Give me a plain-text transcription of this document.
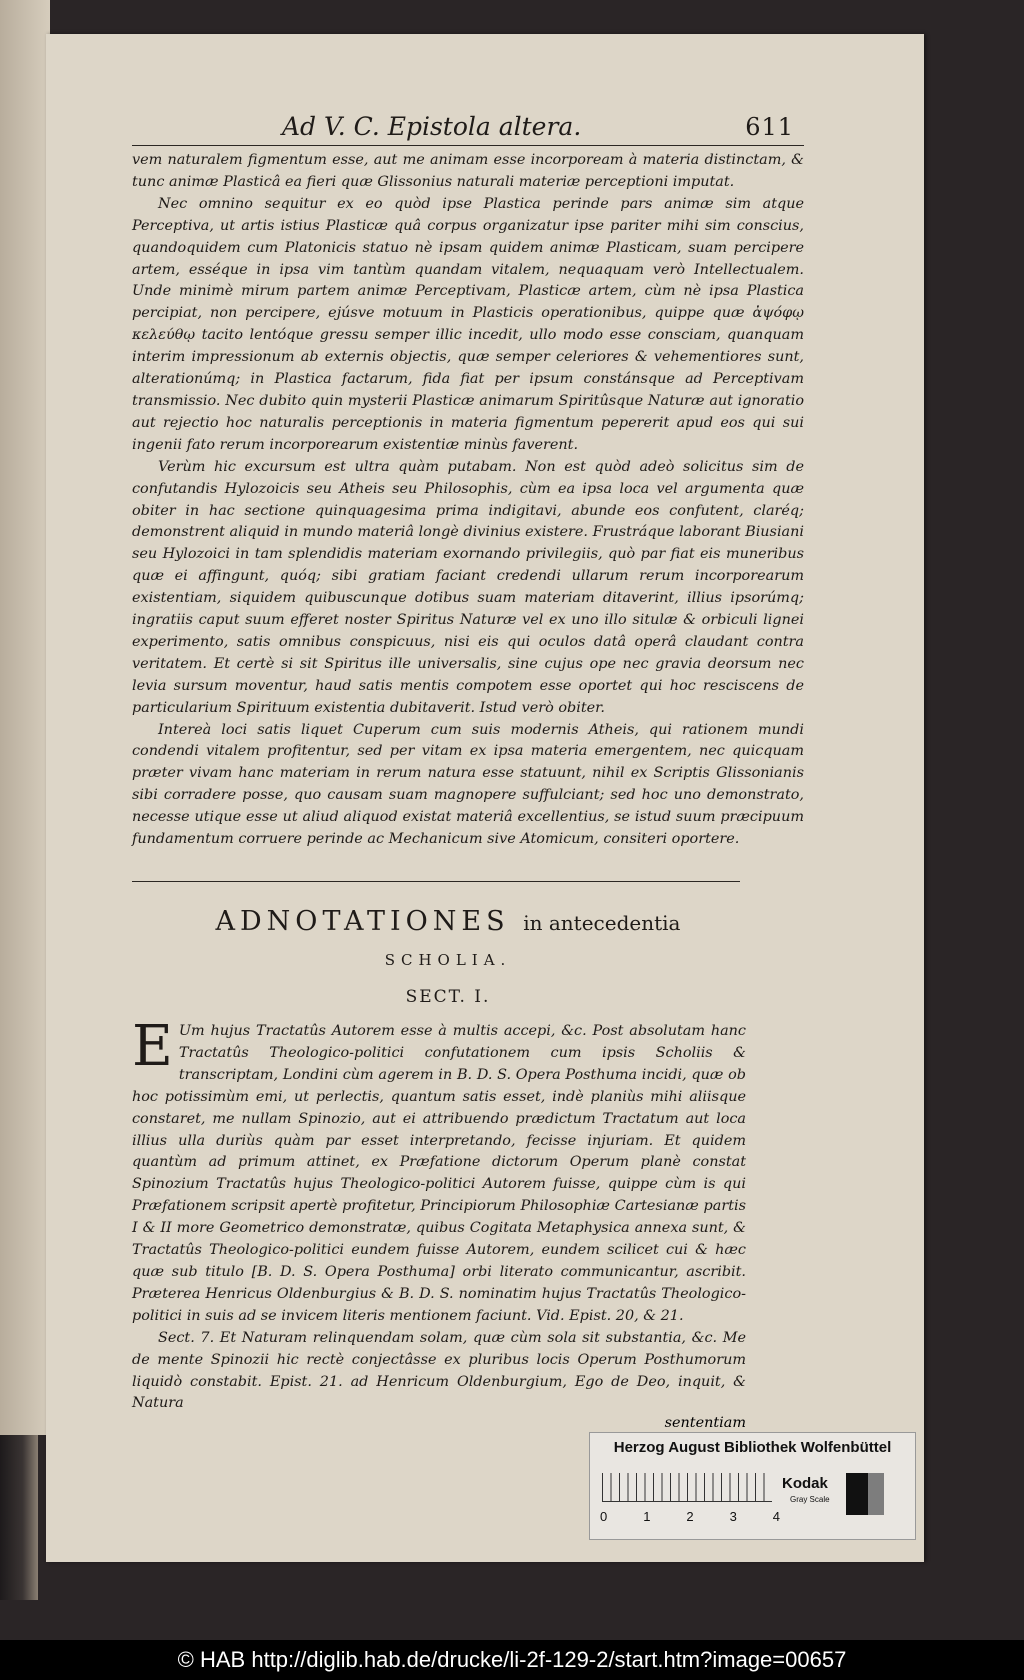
Ad V. C. Epistola altera.	611

vem naturalem figmentum esse, aut me animam esse incorpoream à materia distinctam, & tunc animæ Plasticâ ea fieri quæ Glissonius naturali materiæ perceptioni imputat.

Nec omnino sequitur ex eo quòd ipse Plastica perinde pars animæ sim atque Perceptiva, ut artis istius Plasticæ quâ corpus organizatur ipse pariter mihi sim conscius, quandoquidem cum Platonicis statuo nè ipsam quidem animæ Plasticam, suam percipere artem, esséque in ipsa vim tantùm quandam vitalem, nequaquam verò Intellectualem. Unde minimè mirum partem animæ Perceptivam, Plasticæ artem, cùm nè ipsa Plastica percipiat, non percipere, ejúsve motuum in Plasticis operationibus, quippe quæ ἀψόφῳ κελεύθῳ tacito lentóque gressu semper illic incedit, ullo modo esse consciam, quanquam interim impressionum ab externis objectis, quæ semper celeriores & vehementiores sunt, alterationúmq; in Plastica factarum, fida fiat per ipsum constánsque ad Perceptivam transmissio. Nec dubito quin mysterii Plasticæ animarum Spiritûsque Naturæ aut ignoratio aut rejectio hoc naturalis perceptionis in materia figmentum pepererit apud eos qui sui ingenii fato rerum incorporearum existentiæ minùs faverent.

Verùm hic excursum est ultra quàm putabam. Non est quòd adeò solicitus sim de confutandis Hylozoicis seu Atheis seu Philosophis, cùm ea ipsa loca vel argumenta quæ obiter in hac sectione quinquagesima prima indigitavi, abunde eos confutent, claréq; demonstrent aliquid in mundo materiâ longè divinius existere. Frustráque laborant Biusiani seu Hylozoici in tam splendidis materiam exornando privilegiis, quò par fiat eis muneribus quæ ei affingunt, quóq; sibi gratiam faciant credendi ullarum rerum incorporearum existentiam, siquidem quibuscunque dotibus suam materiam ditaverint, illius ipsorúmq; ingratiis caput suum efferet noster Spiritus Naturæ vel ex uno illo situlæ & orbiculi lignei experimento, satis omnibus conspicuus, nisi eis qui oculos datâ operâ claudant contra veritatem. Et certè si sit Spiritus ille universalis, sine cujus ope nec gravia deorsum nec levia sursum moventur, haud satis mentis compotem esse oportet qui hoc resciscens de particularium Spirituum existentia dubitaverit. Istud verò obiter.

Intereà loci satis liquet Cuperum cum suis modernis Atheis, qui rationem mundi condendi vitalem profitentur, sed per vitam ex ipsa materia emergentem, nec quicquam præter vivam hanc materiam in rerum natura esse statuunt, nihil ex Scriptis Glissonianis sibi corradere posse, quo causam suam magnopere suffulciant; sed hoc uno demonstrato, necesse utique esse ut aliud aliquod existat materiâ excellentius, se istud suum præcipuum fundamentum corruere perinde ac Mechanicum sive Atomicum, consiteri oportere.

ADNOTATIONES in antecedentia
SCHOLIA.
SECT. I.

E Um hujus Tractatûs Autorem esse à multis accepi, &c. Post absolutam hanc Tractatûs Theologico-politici confutationem cum ipsis Scholiis & transcriptam, Londini cùm agerem in B. D. S. Opera Posthuma incidi, quæ ob hoc potissimùm emi, ut perlectis, quantum satis esset, indè planiùs mihi aliisque constaret, me nullam Spinozio, aut ei attribuendo prædictum Tractatum aut loca illius ulla duriùs quàm par esset interpretando, fecisse injuriam. Et quidem quantùm ad primum attinet, ex Præfatione dictorum Operum planè constat Spinozium Tractatûs hujus Theologico-politici Autorem fuisse, quippe cùm is qui Præfationem scripsit apertè profitetur, Principiorum Philosophiæ Cartesianæ partis I & II more Geometrico demonstratæ, quibus Cogitata Metaphysica annexa sunt, & Tractatûs Theologico-politici eundem fuisse Autorem, eundem scilicet cui & hæc quæ sub titulo [B. D. S. Opera Posthuma] orbi literato communicantur, ascribit. Præterea Henricus Oldenburgius & B. D. S. nominatim hujus Tractatûs Theologico-politici in suis ad se invicem literis mentionem faciunt. Vid. Epist. 20, & 21.

Sect. 7. Et Naturam relinquendam solam, quæ cùm sola sit substantia, &c. Me de mente Spinozii hic rectè conjectâsse ex pluribus locis Operum Posthumorum liquidò constabit. Epist. 21. ad Henricum Oldenburgium, Ego de Deo, inquit, & Natura

sententiam
Herzog August Bibliothek Wolfenbüttel
0	1	2	3	4
Kodak
Gray Scale
© HAB http://diglib.hab.de/drucke/li-2f-129-2/start.htm?image=00657
